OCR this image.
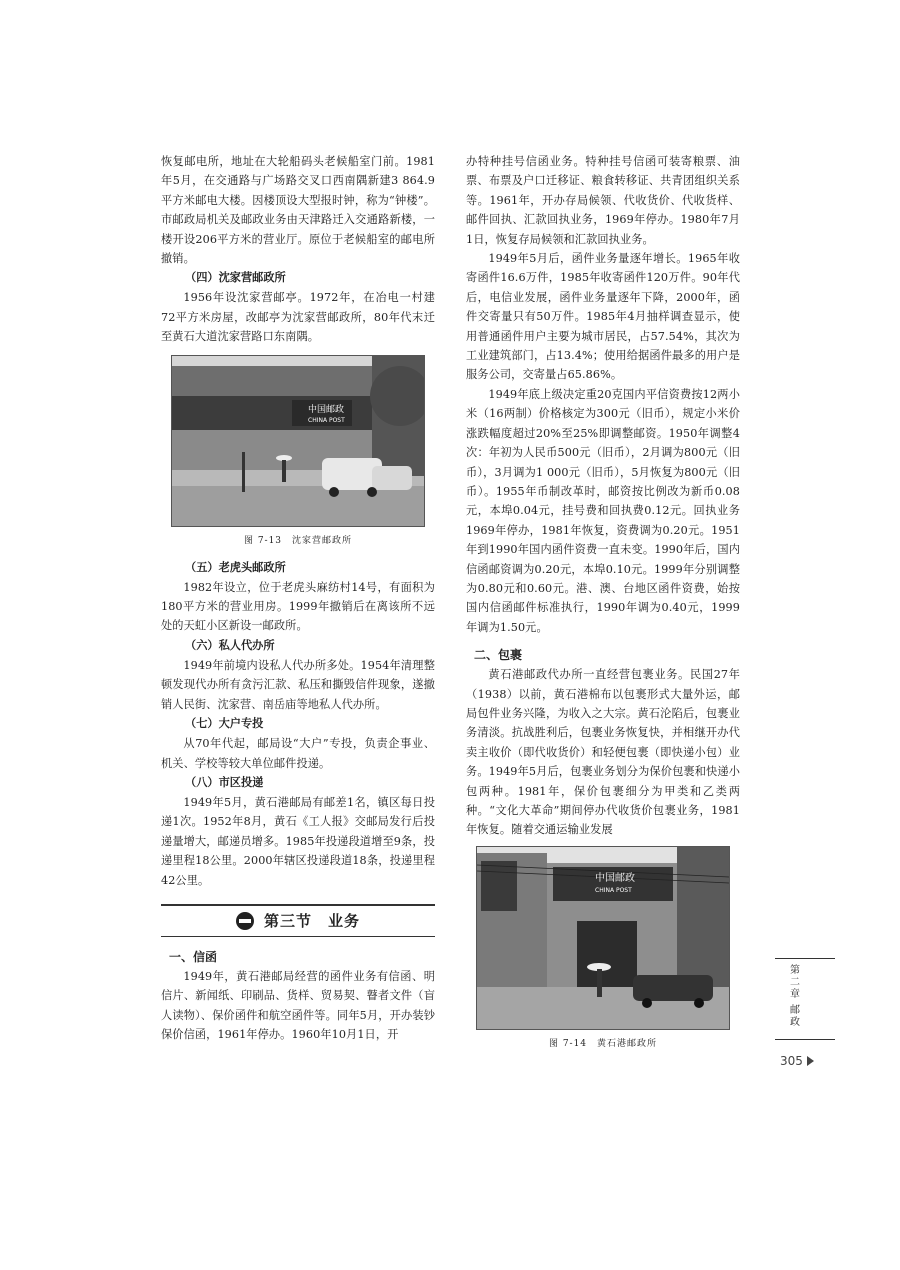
恢复邮电所，地址在大轮船码头老候船室门前。1981年5月，在交通路与广场路交叉口西南隅新建3 864.9平方米邮电大楼。因楼顶设大型报时钟，称为“钟楼”。市邮政局机关及邮政业务由天津路迁入交通路新楼，一楼开设206平方米的营业厅。原位于老候船室的邮电所撤销。

（四）沈家营邮政所

1956年设沈家营邮亭。1972年，在冶电一村建72平方米房屋，改邮亭为沈家营邮政所，80年代末迁至黄石大道沈家营路口东南隅。

中国邮政
CHINA POST
图 7-13　沈家营邮政所
（五）老虎头邮政所

1982年设立，位于老虎头麻纺村14号，有面积为180平方米的营业用房。1999年撤销后在离该所不远处的天虹小区新设一邮政所。

（六）私人代办所

1949年前境内设私人代办所多处。1954年清理整顿发现代办所有贪污汇款、私压和撕毁信件现象，遂撤销人民街、沈家营、南岳庙等地私人代办所。

（七）大户专投

从70年代起，邮局设“大户”专投，负责企事业、机关、学校等较大单位邮件投递。

（八）市区投递

1949年5月，黄石港邮局有邮差1名，镇区每日投递1次。1952年8月，黄石《工人报》交邮局发行后投递量增大，邮递员增多。1985年投递段道增至9条，投递里程18公里。2000年辖区投递段道18条，投递里程42公里。

第三节　业务
一、信函

1949年，黄石港邮局经营的函件业务有信函、明信片、新闻纸、印刷品、货样、贸易契、瞽者文件（盲人读物）、保价函件和航空函件等。同年5月，开办装钞保价信函，1961年停办。1960年10月1日，开

办特种挂号信函业务。特种挂号信函可装寄粮票、油票、布票及户口迁移证、粮食转移证、共青团组织关系等。1961年，开办存局候领、代收货价、代收货样、邮件回执、汇款回执业务，1969年停办。1980年7月1日，恢复存局候领和汇款回执业务。

1949年5月后，函件业务量逐年增长。1965年收寄函件16.6万件，1985年收寄函件120万件。90年代后，电信业发展，函件业务量逐年下降，2000年，函件交寄量只有50万件。1985年4月抽样调查显示，使用普通函件用户主要为城市居民，占57.54%，其次为工业建筑部门，占13.4%；使用给据函件最多的用户是服务公司，交寄量占65.86%。

1949年底上级决定重20克国内平信资费按12两小米（16两制）价格核定为300元（旧币），规定小米价涨跌幅度超过20%至25%即调整邮资。1950年调整4次：年初为人民币500元（旧币），2月调为800元（旧币），3月调为1 000元（旧币），5月恢复为800元（旧币）。1955年币制改革时，邮资按比例改为新币0.08元，本埠0.04元，挂号费和回执费0.12元。回执业务1969年停办，1981年恢复，资费调为0.20元。1951年到1990年国内函件资费一直未变。1990年后，国内信函邮资调为0.20元，本埠0.10元。1999年分别调整为0.80元和0.60元。港、澳、台地区函件资费，始按国内信函邮件标准执行，1990年调为0.40元，1999年调为1.50元。

二、包裹

黄石港邮政代办所一直经营包裹业务。民国27年（1938）以前，黄石港棉布以包裹形式大量外运，邮局包件业务兴隆，为收入之大宗。黄石沦陷后，包裹业务清淡。抗战胜利后，包裹业务恢复快，并相继开办代卖主收价（即代收货价）和轻便包裹（即快递小包）业务。1949年5月后，包裹业务划分为保价包裹和快递小包两种。1981年，保价包裹细分为甲类和乙类两种。“文化大革命”期间停办代收货价包裹业务，1981年恢复。随着交通运输业发展

中国邮政
CHINA POST
图 7-14　黄石港邮政所
第二章
邮政
305
